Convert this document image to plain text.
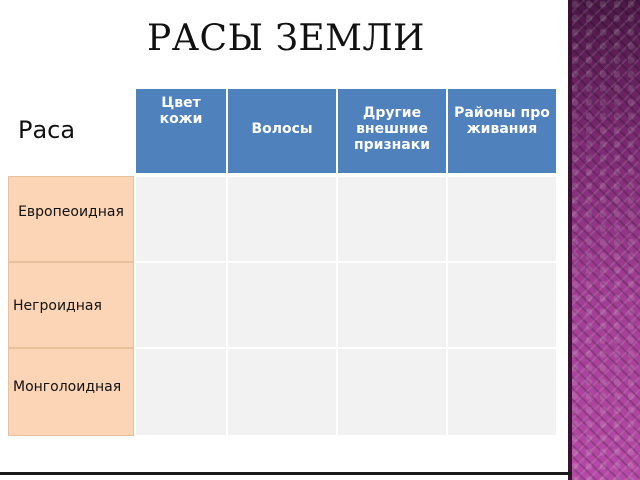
РАСЫ ЗЕМЛИ
Раса
Цвет кожи
Волосы
Другие внешние признаки
Районы проживания
Европеоидная
Негроидная
Монголоидная
